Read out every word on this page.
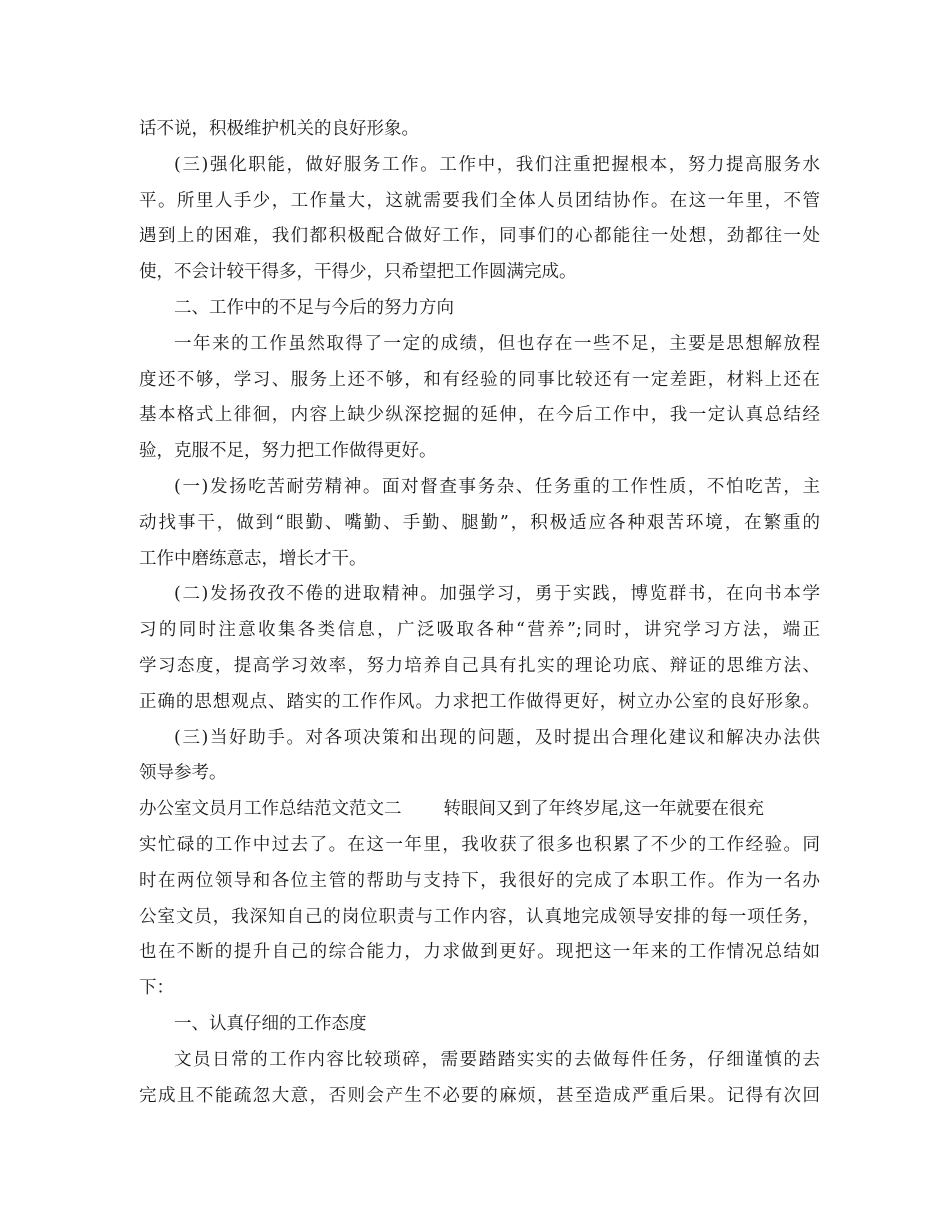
话不说，积极维护机关的良好形象。
(三)强化职能，做好服务工作。工作中，我们注重把握根本，努力提高服务水
平。所里人手少，工作量大，这就需要我们全体人员团结协作。在这一年里，不管
遇到上的困难，我们都积极配合做好工作，同事们的心都能往一处想，劲都往一处
使，不会计较干得多，干得少，只希望把工作圆满完成。
二、工作中的不足与今后的努力方向
一年来的工作虽然取得了一定的成绩，但也存在一些不足，主要是思想解放程
度还不够，学习、服务上还不够，和有经验的同事比较还有一定差距，材料上还在
基本格式上徘徊，内容上缺少纵深挖掘的延伸，在今后工作中，我一定认真总结经
验，克服不足，努力把工作做得更好。
(一)发扬吃苦耐劳精神。面对督查事务杂、任务重的工作性质，不怕吃苦，主
动找事干，做到“眼勤、嘴勤、手勤、腿勤”，积极适应各种艰苦环境，在繁重的
工作中磨练意志，增长才干。
(二)发扬孜孜不倦的进取精神。加强学习，勇于实践，博览群书，在向书本学
习的同时注意收集各类信息，广泛吸取各种“营养”;同时，讲究学习方法，端正
学习态度，提高学习效率，努力培养自己具有扎实的理论功底、辩证的思维方法、
正确的思想观点、踏实的工作作风。力求把工作做得更好，树立办公室的良好形象。
(三)当好助手。对各项决策和出现的问题，及时提出合理化建议和解决办法供
领导参考。
办公室文员月工作总结范文范文二 转眼间又到了年终岁尾,这一年就要在很充
实忙碌的工作中过去了。在这一年里，我收获了很多也积累了不少的工作经验。同
时在两位领导和各位主管的帮助与支持下，我很好的完成了本职工作。作为一名办
公室文员，我深知自己的岗位职责与工作内容，认真地完成领导安排的每一项任务，
也在不断的提升自己的综合能力，力求做到更好。现把这一年来的工作情况总结如
下：
一、认真仔细的工作态度
文员日常的工作内容比较琐碎，需要踏踏实实的去做每件任务，仔细谨慎的去
完成且不能疏忽大意，否则会产生不必要的麻烦，甚至造成严重后果。记得有次回
